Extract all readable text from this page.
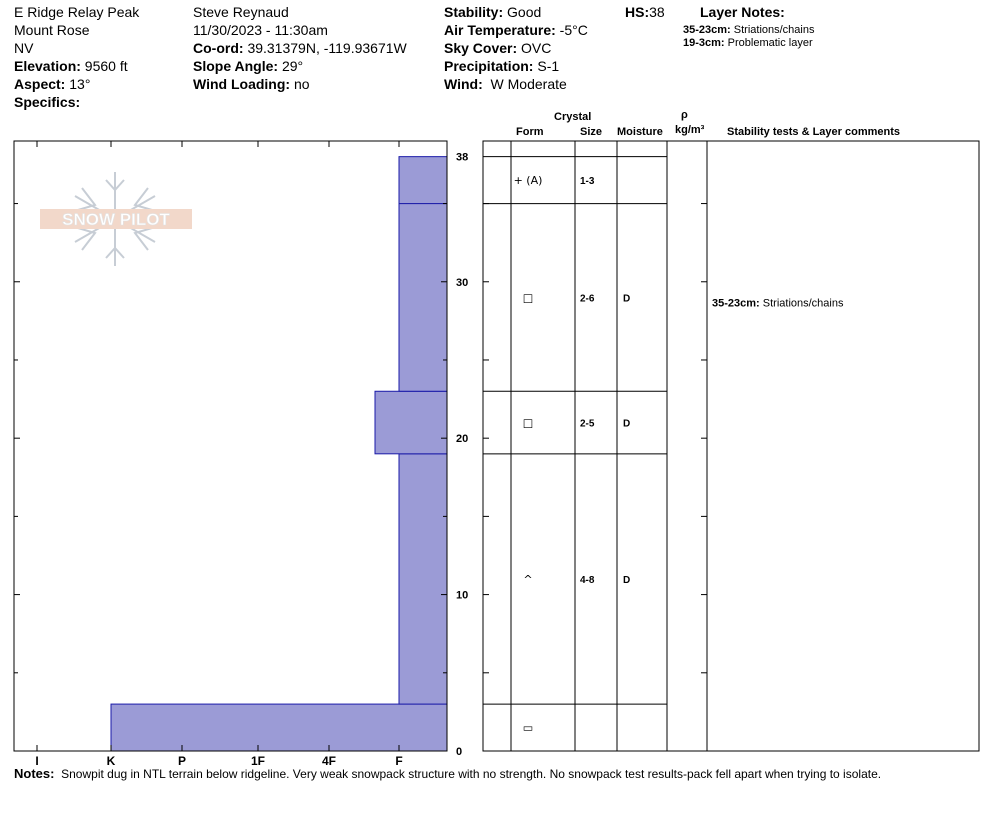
E Ridge Relay Peak
Mount Rose
NV
Elevation: 9560 ft
Aspect: 13°
Specifics:
Steve Reynaud
11/30/2023 - 11:30am
Co-ord: 39.31379N, -119.93671W
Slope Angle: 29°
Wind Loading: no
Stability: Good
Air Temperature: -5°C
Sky Cover: OVC
Precipitation: S-1
Wind: W Moderate
HS:38	Layer Notes:
35-23cm: Striations/chains
19-3cm: Problematic layer
Crystal
Form	Size Moisture
ρ
kg/m³ Stability tests & Layer comments
SNOW PILOT
0
10
20
30
38
I	K	P	1F	4F	F
+ (A)	1-3
□	2-6	D	35-23cm: Striations/chains
□	2-5	D
^	4-8	D
▭
Notes: Snowpit dug in NTL terrain below ridgeline. Very weak snowpack structure with no strength. No snowpack test results-pack fell apart when trying to isolate.
